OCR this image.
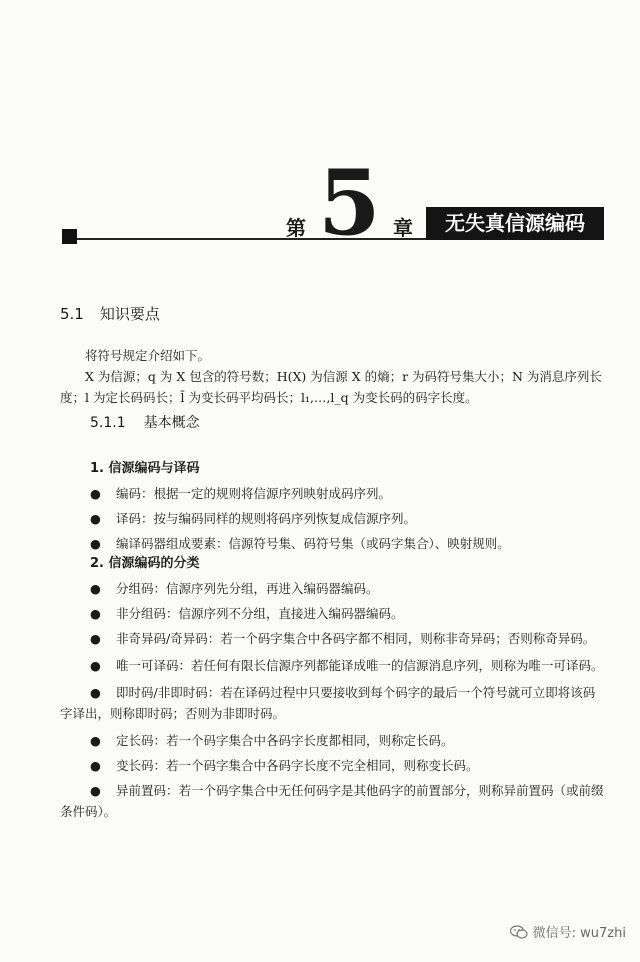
第 5 章	无失真信源编码
5.1 知识要点

将符号规定介绍如下。

X 为信源；q 为 X 包含的符号数；H(X) 为信源 X 的熵；r 为码符号集大小；N 为消息序列长度；l 为定长码码长；l̄ 为变长码平均码长；l₁,…,l_q 为变长码的码字长度。

5.1.1 基本概念
1. 信源编码与译码
● 编码：根据一定的规则将信源序列映射成码序列。
● 译码：按与编码同样的规则将码序列恢复成信源序列。
● 编译码器组成要素：信源符号集、码符号集（或码字集合）、映射规则。
2. 信源编码的分类
● 分组码：信源序列先分组，再进入编码器编码。
● 非分组码：信源序列不分组，直接进入编码器编码。
● 非奇异码/奇异码：若一个码字集合中各码字都不相同，则称非奇异码；否则称奇异码。
● 唯一可译码：若任何有限长信源序列都能译成唯一的信源消息序列，则称为唯一可译码。
● 即时码/非即时码：若在译码过程中只要接收到每个码字的最后一个符号就可立即将该码字译出，则称即时码；否则为非即时码。
● 定长码：若一个码字集合中各码字长度都相同，则称定长码。
● 变长码：若一个码字集合中各码字长度不完全相同，则称变长码。
● 异前置码：若一个码字集合中无任何码字是其他码字的前置部分，则称异前置码（或前缀条件码）。
微信号: wu7zhi
